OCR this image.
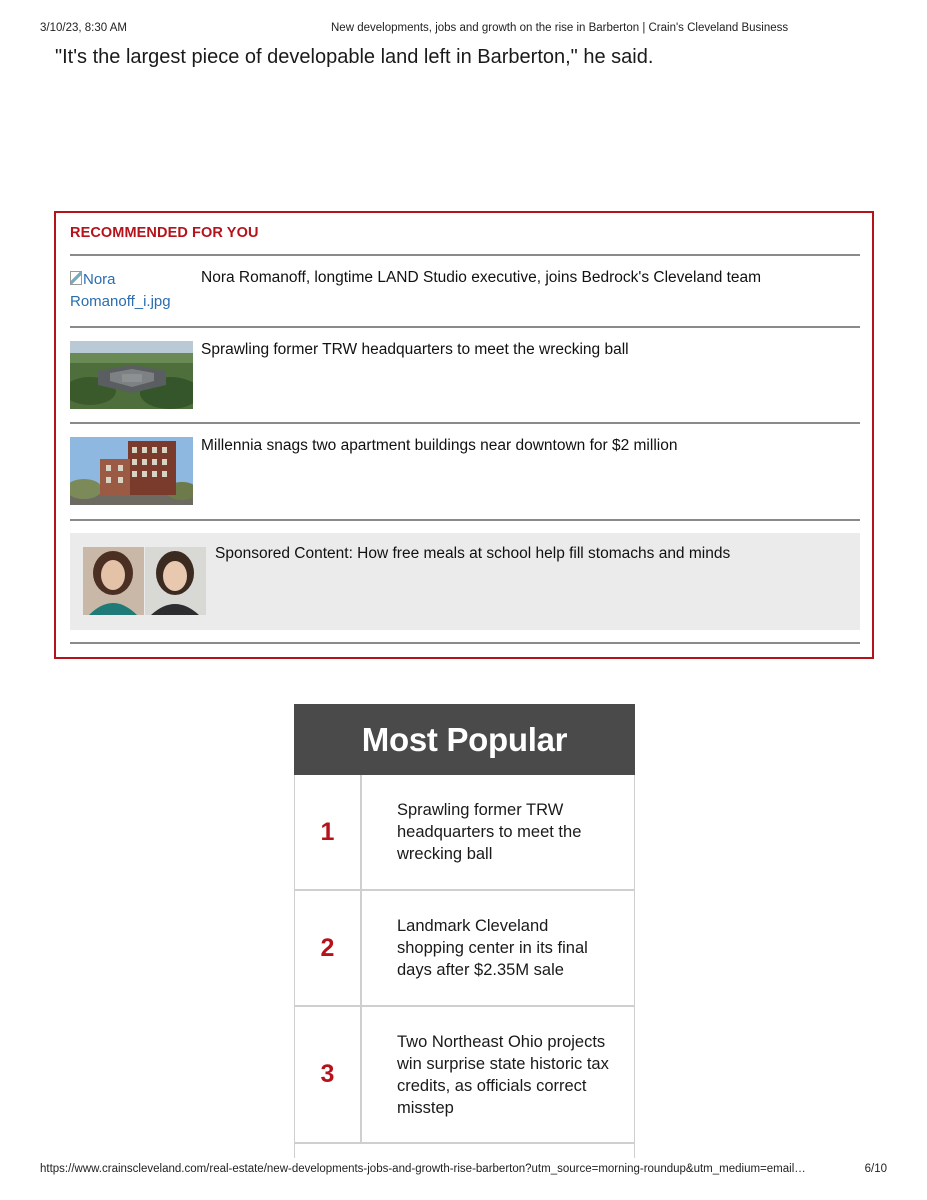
3/10/23, 8:30 AM	New developments, jobs and growth on the rise in Barberton | Crain's Cleveland Business

"It's the largest piece of developable land left in Barberton," he said.

RECOMMENDED FOR YOU
Nora Romanoff_i.jpg
Nora Romanoff, longtime LAND Studio executive, joins Bedrock's Cleveland team
Sprawling former TRW headquarters to meet the wrecking ball
Millennia snags two apartment buildings near downtown for $2 million
Sponsored Content: How free meals at school help fill stomachs and minds
Most Popular
1
Sprawling former TRW headquarters to meet the wrecking ball
2
Landmark Cleveland shopping center in its final days after $2.35M sale
3
Two Northeast Ohio projects win surprise state historic tax credits, as officials correct misstep
https://www.crainscleveland.com/real-estate/new-developments-jobs-and-growth-rise-barberton?utm_source=morning-roundup&utm_medium=email…	6/10
